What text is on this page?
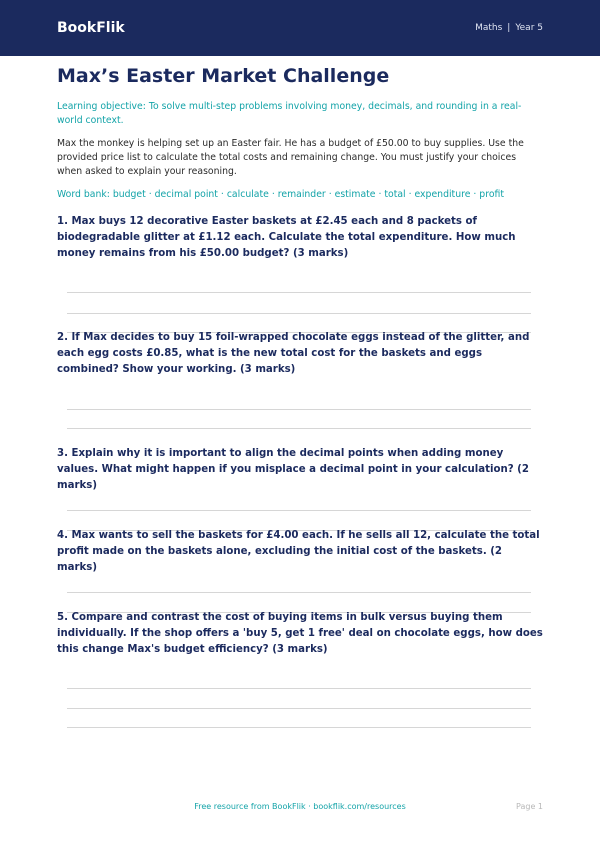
BookFlik	Maths | Year 5
Max’s Easter Market Challenge
Learning objective: To solve multi-step problems involving money, decimals, and rounding in a real-world context.
Max the monkey is helping set up an Easter fair. He has a budget of £50.00 to buy supplies. Use the provided price list to calculate the total costs and remaining change. You must justify your choices when asked to explain your reasoning.
Word bank: budget · decimal point · calculate · remainder · estimate · total · expenditure · profit
1. Max buys 12 decorative Easter baskets at £2.45 each and 8 packets of biodegradable glitter at £1.12 each. Calculate the total expenditure. How much money remains from his £50.00 budget? (3 marks)
2. If Max decides to buy 15 foil-wrapped chocolate eggs instead of the glitter, and each egg costs £0.85, what is the new total cost for the baskets and eggs combined? Show your working. (3 marks)
3. Explain why it is important to align the decimal points when adding money values. What might happen if you misplace a decimal point in your calculation? (2 marks)
4. Max wants to sell the baskets for £4.00 each. If he sells all 12, calculate the total profit made on the baskets alone, excluding the initial cost of the baskets. (2 marks)
5. Compare and contrast the cost of buying items in bulk versus buying them individually. If the shop offers a 'buy 5, get 1 free' deal on chocolate eggs, how does this change Max's budget efficiency? (3 marks)
Free resource from BookFlik · bookflik.com/resources	Page 1
